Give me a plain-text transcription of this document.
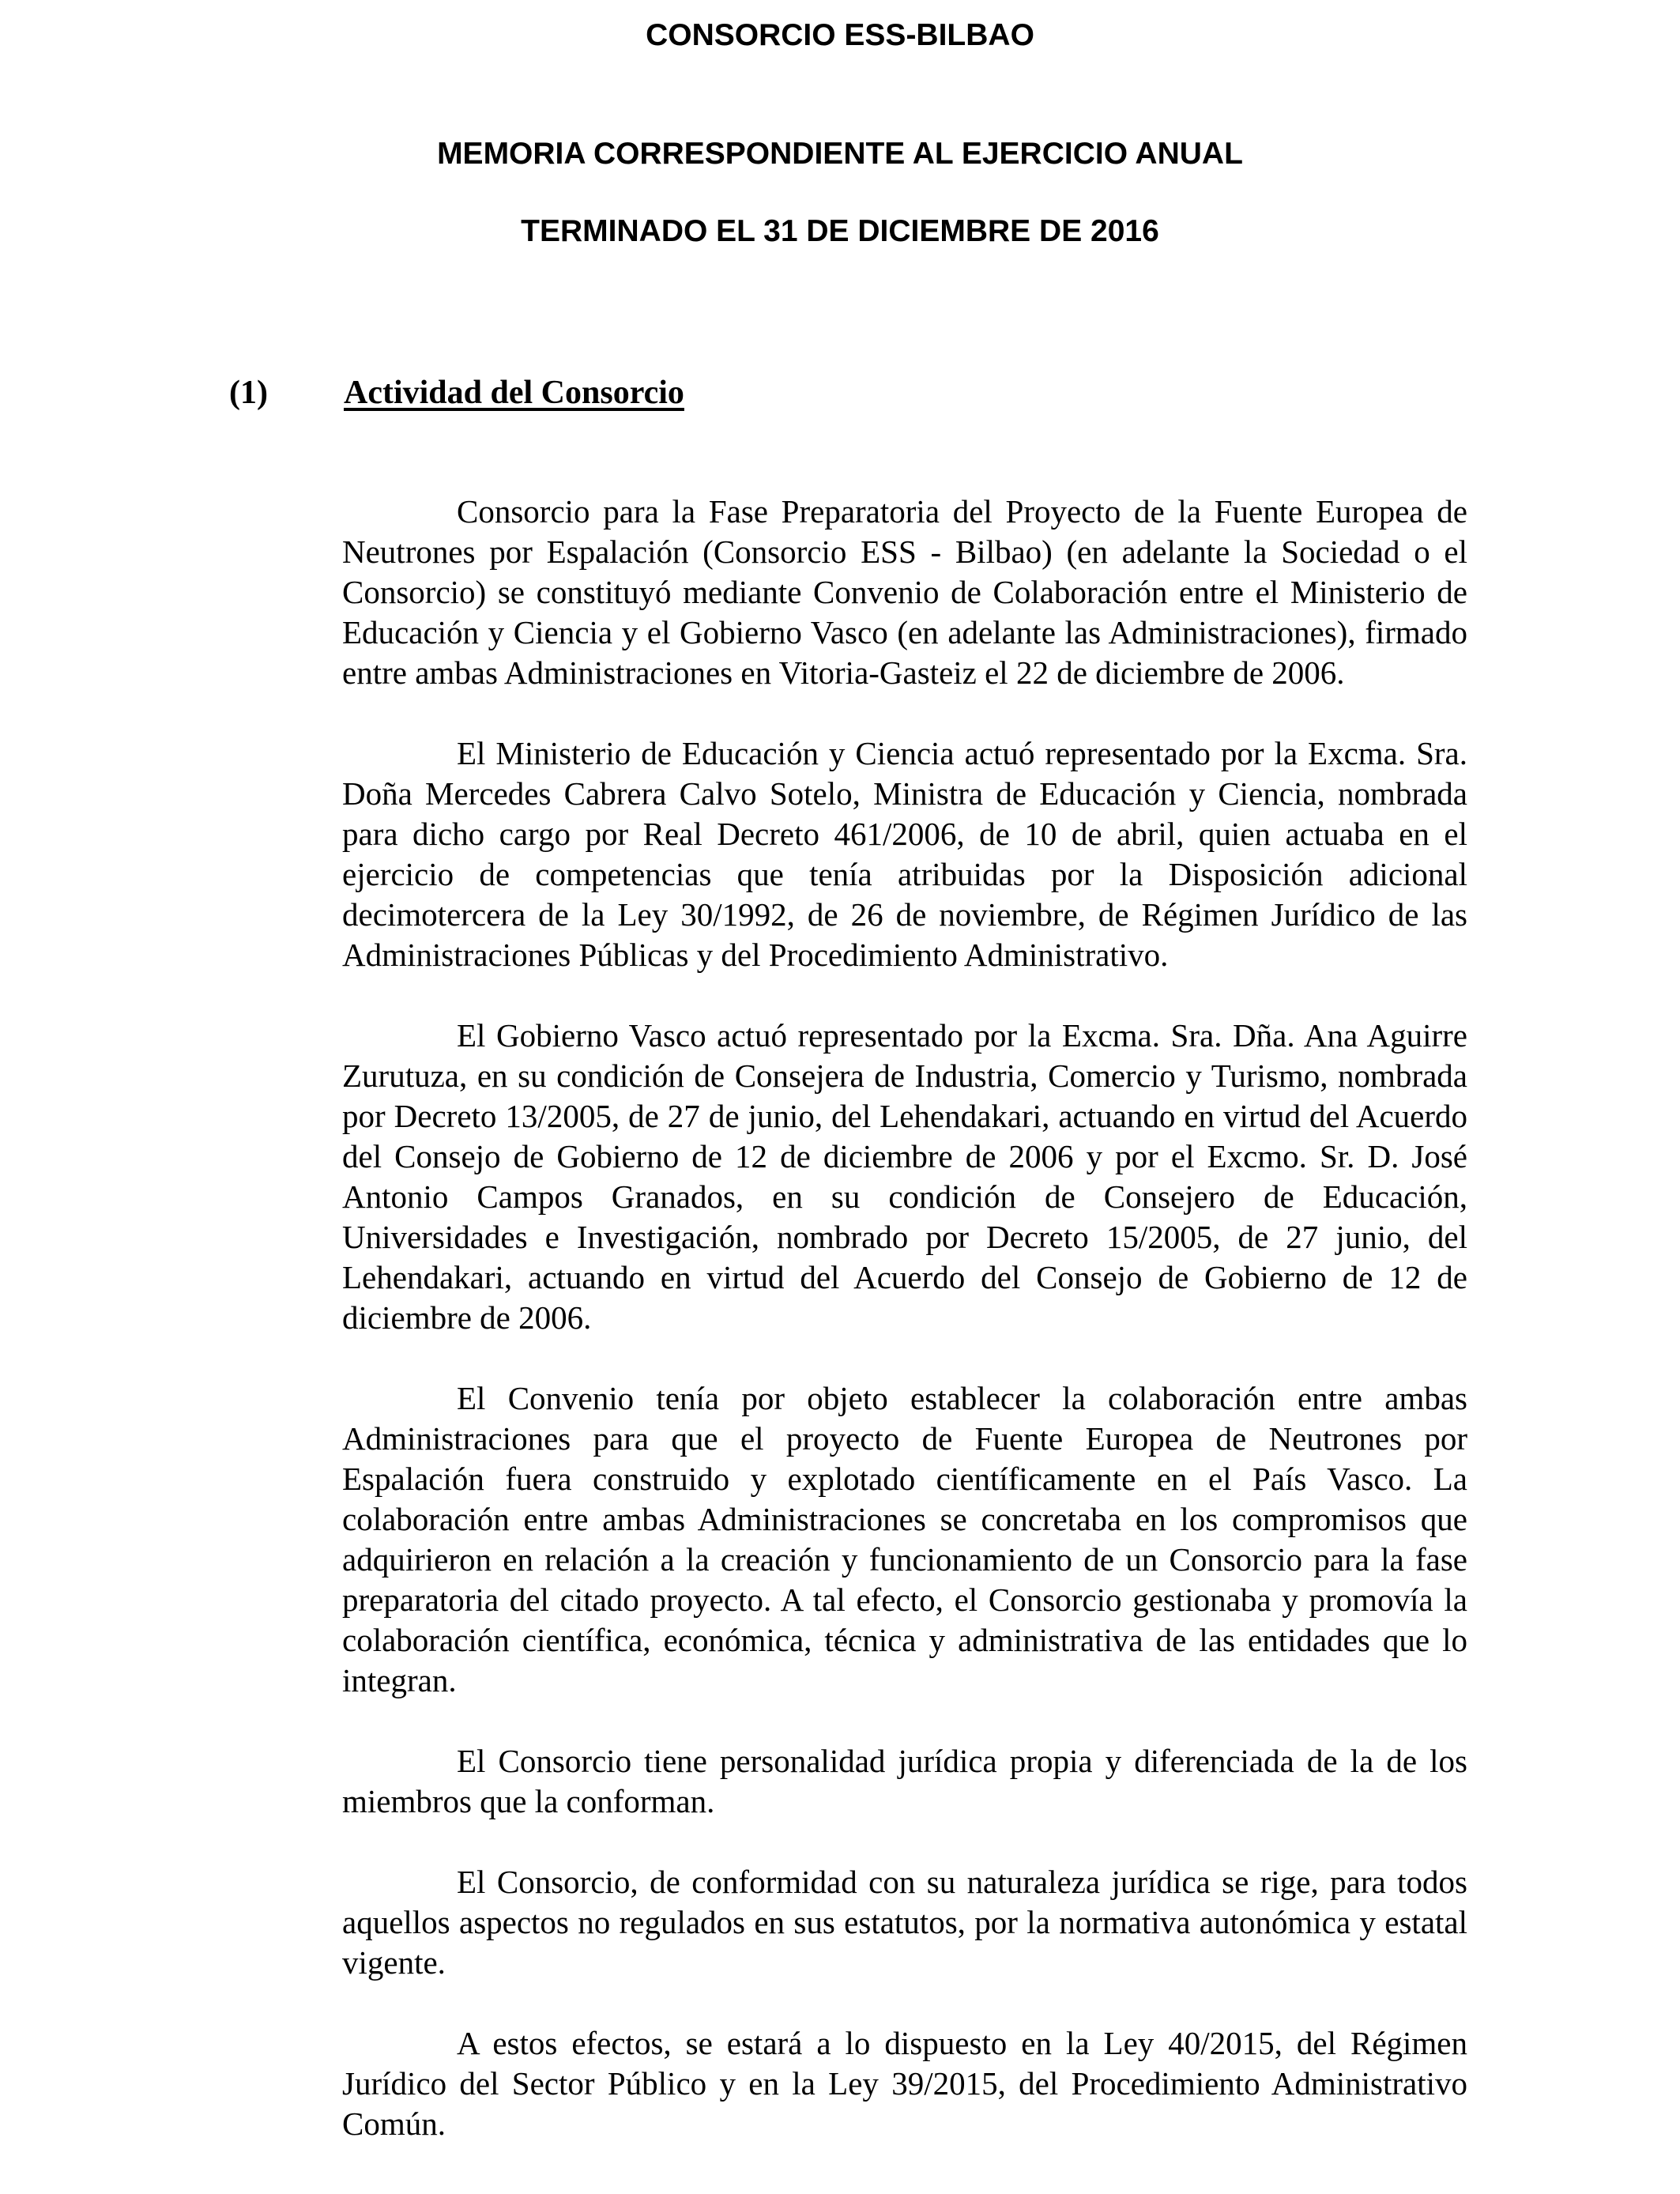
CONSORCIO ESS-BILBAO
MEMORIA CORRESPONDIENTE AL EJERCICIO ANUAL
TERMINADO EL 31 DE DICIEMBRE DE 2016
(1)	Actividad del Consorcio

Consorcio para la Fase Preparatoria del Proyecto de la Fuente Europea de Neutrones por Espalación (Consorcio ESS - Bilbao) (en adelante la Sociedad o el Consorcio) se constituyó mediante Convenio de Colaboración entre el Ministerio de Educación y Ciencia y el Gobierno Vasco (en adelante las Administraciones), firmado entre ambas Administraciones en Vitoria-Gasteiz el 22 de diciembre de 2006.

El Ministerio de Educación y Ciencia actuó representado por la Excma. Sra. Doña Mercedes Cabrera Calvo Sotelo, Ministra de Educación y Ciencia, nombrada para dicho cargo por Real Decreto 461/2006, de 10 de abril, quien actuaba en el ejercicio de competencias que tenía atribuidas por la Disposición adicional decimotercera de la Ley 30/1992, de 26 de noviembre, de Régimen Jurídico de las Administraciones Públicas y del Procedimiento Administrativo.

El Gobierno Vasco actuó representado por la Excma. Sra. Dña. Ana Aguirre Zurutuza, en su condición de Consejera de Industria, Comercio y Turismo, nombrada por Decreto 13/2005, de 27 de junio, del Lehendakari, actuando en virtud del Acuerdo del Consejo de Gobierno de 12 de diciembre de 2006 y por el Excmo. Sr. D. José Antonio Campos Granados, en su condición de Consejero de Educación, Universidades e Investigación, nombrado por Decreto 15/2005, de 27 junio, del Lehendakari, actuando en virtud del Acuerdo del Consejo de Gobierno de 12 de diciembre de 2006.

El Convenio tenía por objeto establecer la colaboración entre ambas Administraciones para que el proyecto de Fuente Europea de Neutrones por Espalación fuera construido y explotado científicamente en el País Vasco. La colaboración entre ambas Administraciones se concretaba en los compromisos que adquirieron en relación a la creación y funcionamiento de un Consorcio para la fase preparatoria del citado proyecto. A tal efecto, el Consorcio gestionaba y promovía la colaboración científica, económica, técnica y administrativa de las entidades que lo integran.

El Consorcio tiene personalidad jurídica propia y diferenciada de la de los miembros que la conforman.

El Consorcio, de conformidad con su naturaleza jurídica se rige, para todos aquellos aspectos no regulados en sus estatutos, por la normativa autonómica y estatal vigente.

A estos efectos, se estará a lo dispuesto en la Ley 40/2015, del Régimen Jurídico del Sector Público y en la Ley 39/2015, del Procedimiento Administrativo Común.
